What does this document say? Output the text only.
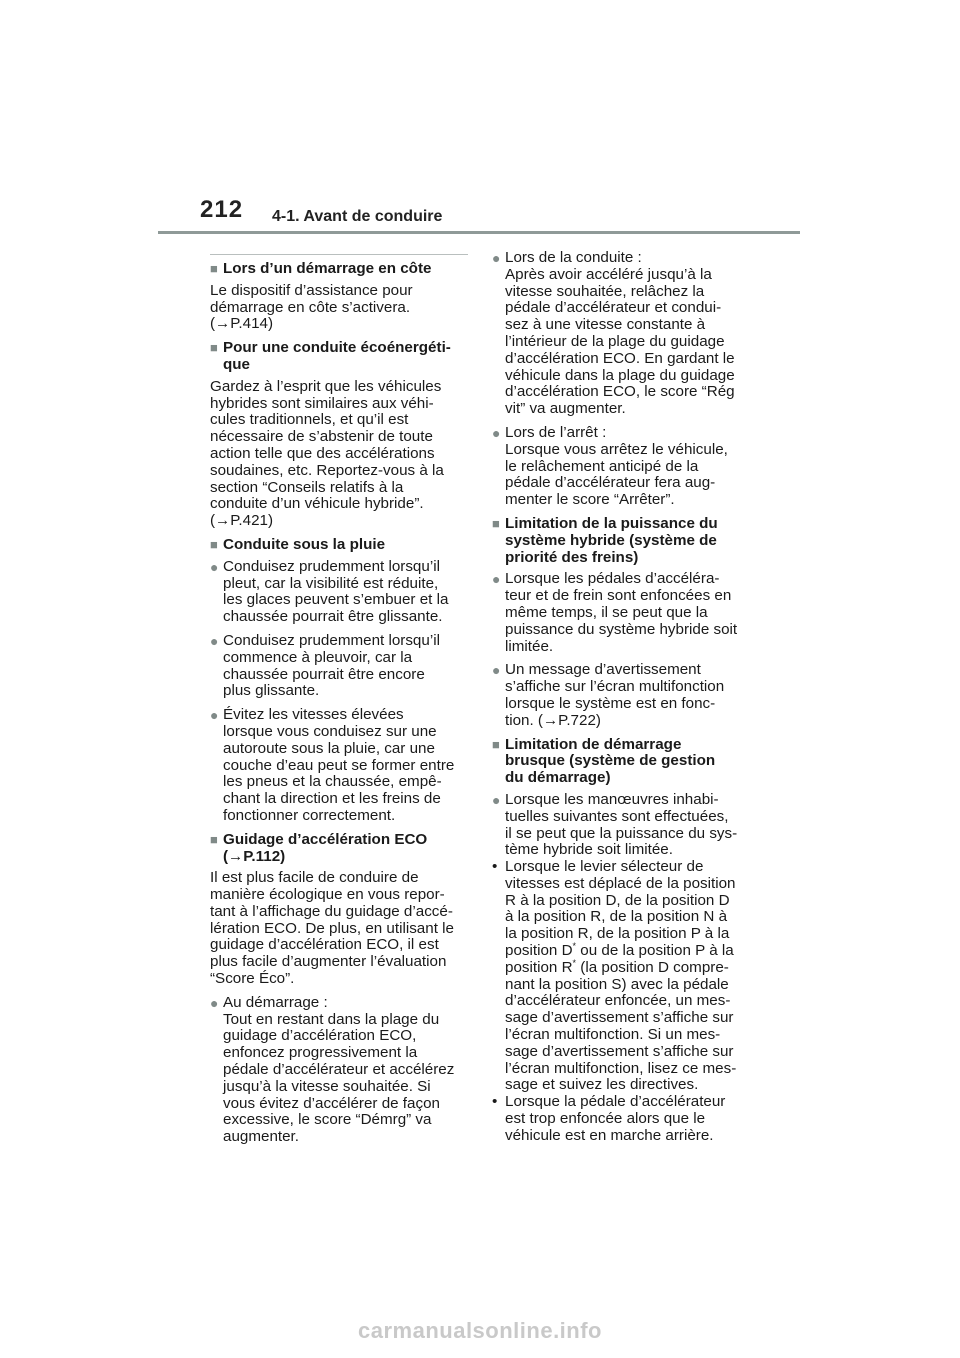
212 4-1. Avant de conduire
■ Lors d’un démarrage en côte
Le dispositif d’assistance pour
démarrage en côte s’activera.
(→P.414)
■ Pour une conduite écoénergéti-
que
Gardez à l’esprit que les véhicules
hybrides sont similaires aux véhi-
cules traditionnels, et qu’il est
nécessaire de s’abstenir de toute
action telle que des accélérations
soudaines, etc. Reportez-vous à la
section “Conseils relatifs à la
conduite d’un véhicule hybride”.
(→P.421)
■ Conduite sous la pluie
● Conduisez prudemment lorsqu’il
pleut, car la visibilité est réduite,
les glaces peuvent s’embuer et la
chaussée pourrait être glissante.
● Conduisez prudemment lorsqu’il
commence à pleuvoir, car la
chaussée pourrait être encore
plus glissante.
● Évitez les vitesses élevées
lorsque vous conduisez sur une
autoroute sous la pluie, car une
couche d’eau peut se former entre
les pneus et la chaussée, empê-
chant la direction et les freins de
fonctionner correctement.
■ Guidage d’accélération ECO
(→P.112)
Il est plus facile de conduire de
manière écologique en vous repor-
tant à l’affichage du guidage d’accé-
lération ECO. De plus, en utilisant le
guidage d’accélération ECO, il est
plus facile d’augmenter l’évaluation
“Score Éco”.
● Au démarrage :
Tout en restant dans la plage du
guidage d’accélération ECO,
enfoncez progressivement la
pédale d’accélérateur et accélérez
jusqu’à la vitesse souhaitée. Si
vous évitez d’accélérer de façon
excessive, le score “Démrg” va
augmenter.
● Lors de la conduite :
Après avoir accéléré jusqu’à la
vitesse souhaitée, relâchez la
pédale d’accélérateur et condui-
sez à une vitesse constante à
l’intérieur de la plage du guidage
d’accélération ECO. En gardant le
véhicule dans la plage du guidage
d’accélération ECO, le score “Rég
vit” va augmenter.
● Lors de l’arrêt :
Lorsque vous arrêtez le véhicule,
le relâchement anticipé de la
pédale d’accélérateur fera aug-
menter le score “Arrêter”.
■ Limitation de la puissance du
système hybride (système de
priorité des freins)
● Lorsque les pédales d’accéléra-
teur et de frein sont enfoncées en
même temps, il se peut que la
puissance du système hybride soit
limitée.
● Un message d’avertissement
s’affiche sur l’écran multifonction
lorsque le système est en fonc-
tion. (→P.722)
■ Limitation de démarrage
brusque (système de gestion
du démarrage)
● Lorsque les manœuvres inhabi-
tuelles suivantes sont effectuées,
il se peut que la puissance du sys-
tème hybride soit limitée.
• Lorsque le levier sélecteur de
vitesses est déplacé de la position
R à la position D, de la position D
à la position R, de la position N à
la position R, de la position P à la
position D* ou de la position P à la
position R* (la position D compre-
nant la position S) avec la pédale
d’accélérateur enfoncée, un mes-
sage d’avertissement s’affiche sur
l’écran multifonction. Si un mes-
sage d’avertissement s’affiche sur
l’écran multifonction, lisez ce mes-
sage et suivez les directives.
• Lorsque la pédale d’accélérateur
est trop enfoncée alors que le
véhicule est en marche arrière.
carmanualsonline.info
